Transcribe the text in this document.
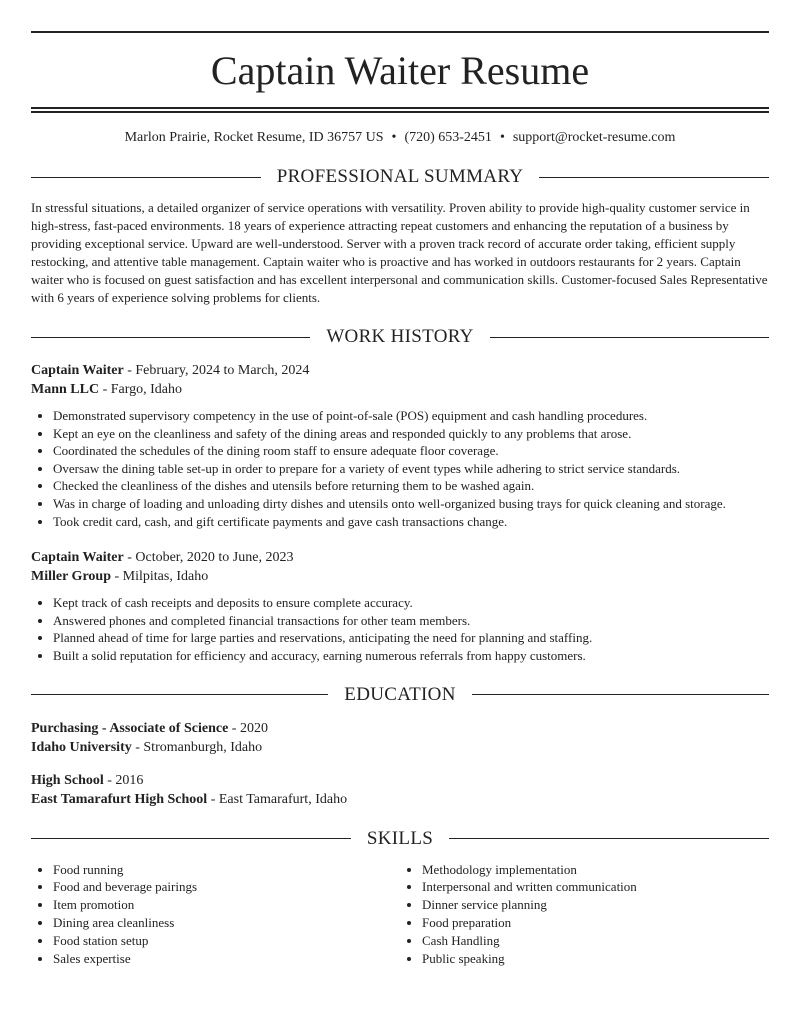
Captain Waiter Resume
Marlon Prairie, Rocket Resume, ID 36757 US • (720) 653-2451 • support@rocket-resume.com
PROFESSIONAL SUMMARY

In stressful situations, a detailed organizer of service operations with versatility. Proven ability to provide high-quality customer service in high-stress, fast-paced environments. 18 years of experience attracting repeat customers and enhancing the reputation of a business by providing exceptional service. Upward are well-understood. Server with a proven track record of accurate order taking, efficient supply restocking, and attentive table management. Captain waiter who is proactive and has worked in outdoors restaurants for 2 years. Captain waiter who is focused on guest satisfaction and has excellent interpersonal and communication skills. Customer-focused Sales Representative with 6 years of experience solving problems for clients.

WORK HISTORY
Captain Waiter - February, 2024 to March, 2024
Mann LLC - Fargo, Idaho
• Demonstrated supervisory competency in the use of point-of-sale (POS) equipment and cash handling procedures.
• Kept an eye on the cleanliness and safety of the dining areas and responded quickly to any problems that arose.
• Coordinated the schedules of the dining room staff to ensure adequate floor coverage.
• Oversaw the dining table set-up in order to prepare for a variety of event types while adhering to strict service standards.
• Checked the cleanliness of the dishes and utensils before returning them to be washed again.
• Was in charge of loading and unloading dirty dishes and utensils onto well-organized busing trays for quick cleaning and storage.
• Took credit card, cash, and gift certificate payments and gave cash transactions change.
Captain Waiter - October, 2020 to June, 2023
Miller Group - Milpitas, Idaho
• Kept track of cash receipts and deposits to ensure complete accuracy.
• Answered phones and completed financial transactions for other team members.
• Planned ahead of time for large parties and reservations, anticipating the need for planning and staffing.
• Built a solid reputation for efficiency and accuracy, earning numerous referrals from happy customers.
EDUCATION
Purchasing - Associate of Science - 2020
Idaho University - Stromanburgh, Idaho
High School - 2016
East Tamarafurt High School - East Tamarafurt, Idaho
SKILLS
• Food running
• Food and beverage pairings
• Item promotion
• Dining area cleanliness
• Food station setup
• Sales expertise
• Methodology implementation
• Interpersonal and written communication
• Dinner service planning
• Food preparation
• Cash Handling
• Public speaking
